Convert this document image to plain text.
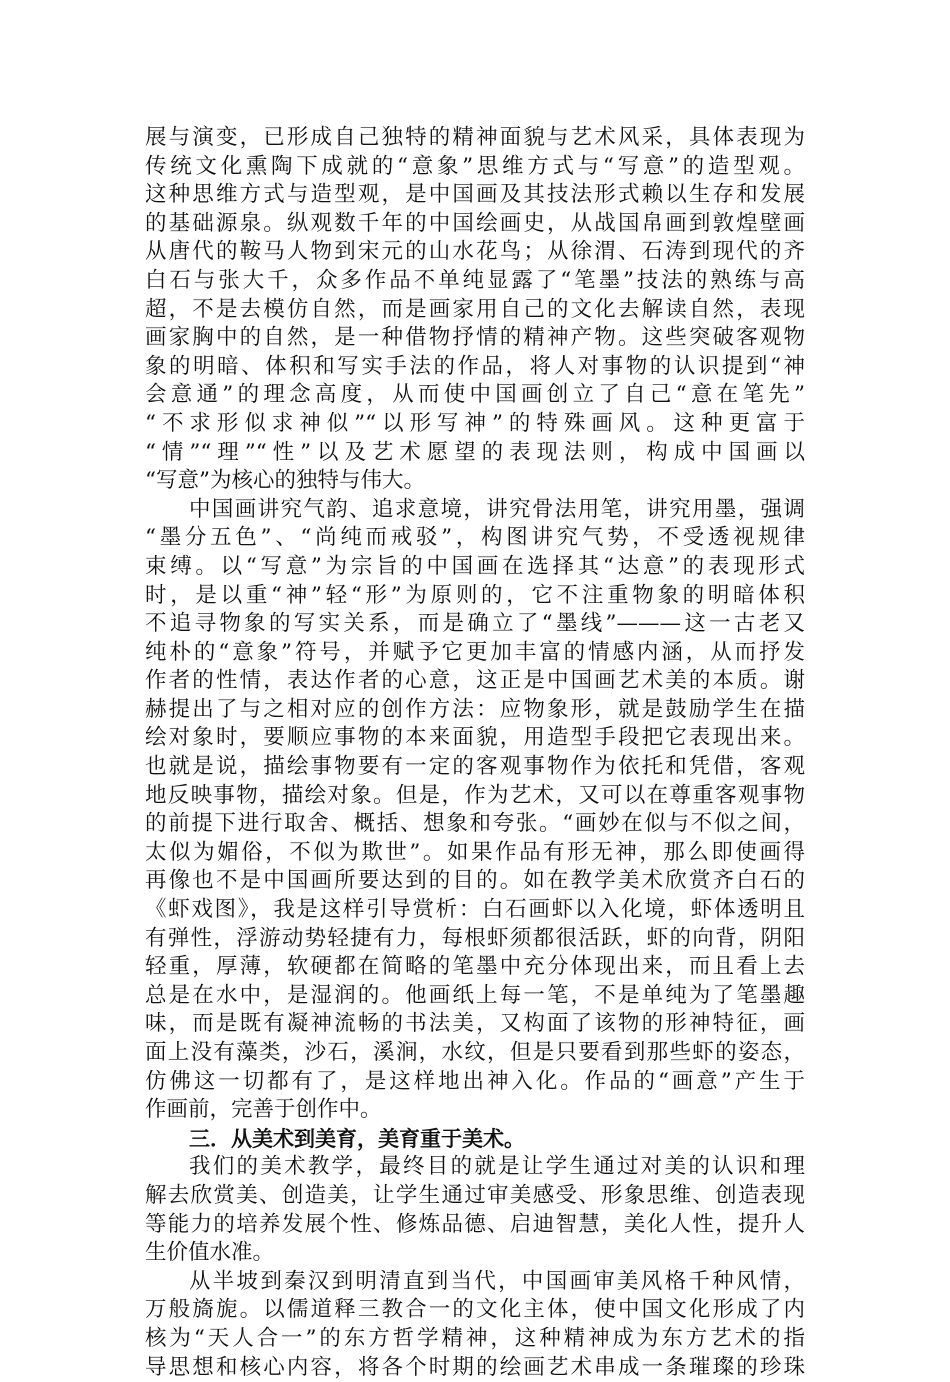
展与演变，已形成自己独特的精神面貌与艺术风采，具体表现为
传统文化熏陶下成就的“意象”思维方式与“写意”的造型观。
这种思维方式与造型观，是中国画及其技法形式赖以生存和发展
的基础源泉。纵观数千年的中国绘画史，从战国帛画到敦煌壁画
从唐代的鞍马人物到宋元的山水花鸟；从徐渭、石涛到现代的齐
白石与张大千，众多作品不单纯显露了“笔墨”技法的熟练与高
超，不是去模仿自然，而是画家用自己的文化去解读自然，表现
画家胸中的自然，是一种借物抒情的精神产物。这些突破客观物
象的明暗、体积和写实手法的作品，将人对事物的认识提到“神
会意通”的理念高度，从而使中国画创立了自己“意在笔先”
“不求形似求神似”“以形写神”的特殊画风。这种更富于
“情”“理”“性”以及艺术愿望的表现法则，构成中国画以
“写意”为核心的独特与伟大。
中国画讲究气韵、追求意境，讲究骨法用笔，讲究用墨，强调
“墨分五色”、“尚纯而戒驳”，构图讲究气势，不受透视规律
束缚。以“写意”为宗旨的中国画在选择其“达意”的表现形式
时，是以重“神”轻“形”为原则的，它不注重物象的明暗体积
不追寻物象的写实关系，而是确立了“墨线”———这一古老又
纯朴的“意象”符号，并赋予它更加丰富的情感内涵，从而抒发
作者的性情，表达作者的心意，这正是中国画艺术美的本质。谢
赫提出了与之相对应的创作方法：应物象形，就是鼓励学生在描
绘对象时，要顺应事物的本来面貌，用造型手段把它表现出来。
也就是说，描绘事物要有一定的客观事物作为依托和凭借，客观
地反映事物，描绘对象。但是，作为艺术，又可以在尊重客观事物
的前提下进行取舍、概括、想象和夸张。“画妙在似与不似之间，
太似为媚俗，不似为欺世”。如果作品有形无神，那么即使画得
再像也不是中国画所要达到的目的。如在教学美术欣赏齐白石的
《虾戏图》，我是这样引导赏析：白石画虾以入化境，虾体透明且
有弹性，浮游动势轻捷有力，每根虾须都很活跃，虾的向背，阴阳
轻重，厚薄，软硬都在简略的笔墨中充分体现出来，而且看上去
总是在水中，是湿润的。他画纸上每一笔，不是单纯为了笔墨趣
味，而是既有凝神流畅的书法美，又构面了该物的形神特征，画
面上没有藻类，沙石，溪涧，水纹，但是只要看到那些虾的姿态，
仿佛这一切都有了，是这样地出神入化。作品的“画意”产生于
作画前，完善于创作中。
三．从美术到美育，美育重于美术。
我们的美术教学，最终目的就是让学生通过对美的认识和理
解去欣赏美、创造美，让学生通过审美感受、形象思维、创造表现
等能力的培养发展个性、修炼品德、启迪智慧，美化人性，提升人
生价值水准。
从半坡到秦汉到明清直到当代，中国画审美风格千种风情，
万般旖旎。以儒道释三教合一的文化主体，使中国文化形成了内
核为“天人合一”的东方哲学精神，这种精神成为东方艺术的指
导思想和核心内容，将各个时期的绘画艺术串成一条璀璨的珍珠
